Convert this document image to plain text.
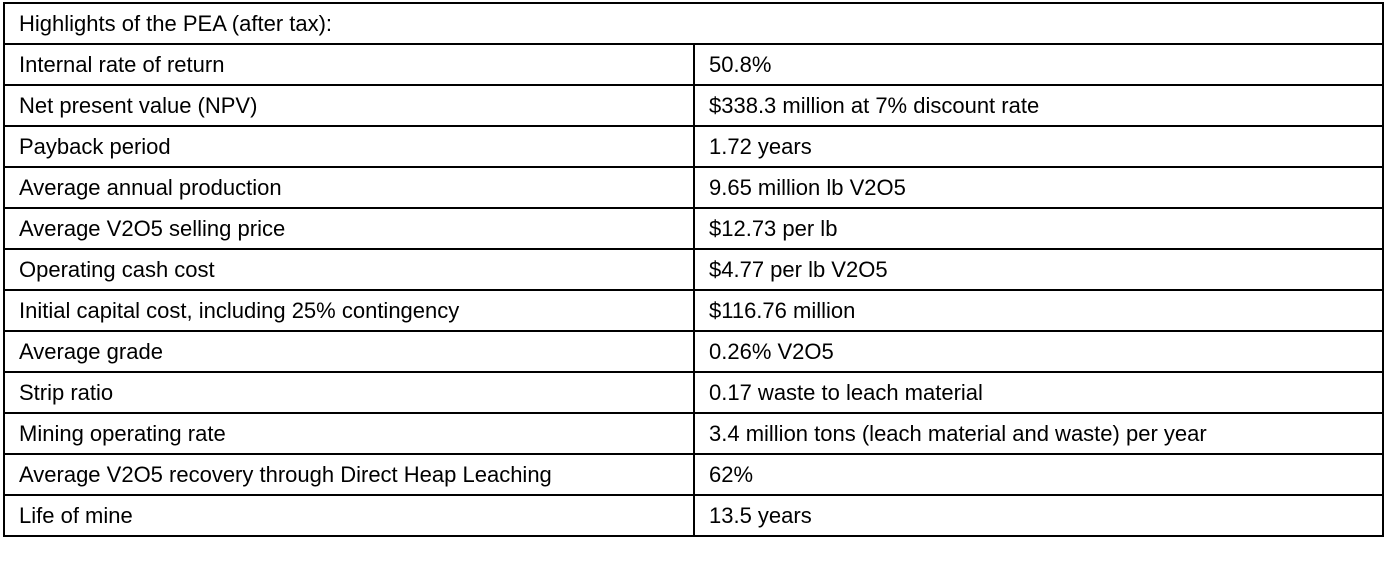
Highlights of the PEA (after tax):	
Internal rate of return	50.8%
Net present value (NPV)	$338.3 million at 7% discount rate
Payback period	1.72 years
Average annual production	9.65 million lb V2O5
Average V2O5 selling price	$12.73 per lb
Operating cash cost	$4.77 per lb V2O5
Initial capital cost, including 25% contingency	$116.76 million
Average grade	0.26% V2O5
Strip ratio	0.17 waste to leach material
Mining operating rate	3.4 million tons (leach material and waste) per year
Average V2O5 recovery through Direct Heap Leaching	62%
Life of mine	13.5 years
